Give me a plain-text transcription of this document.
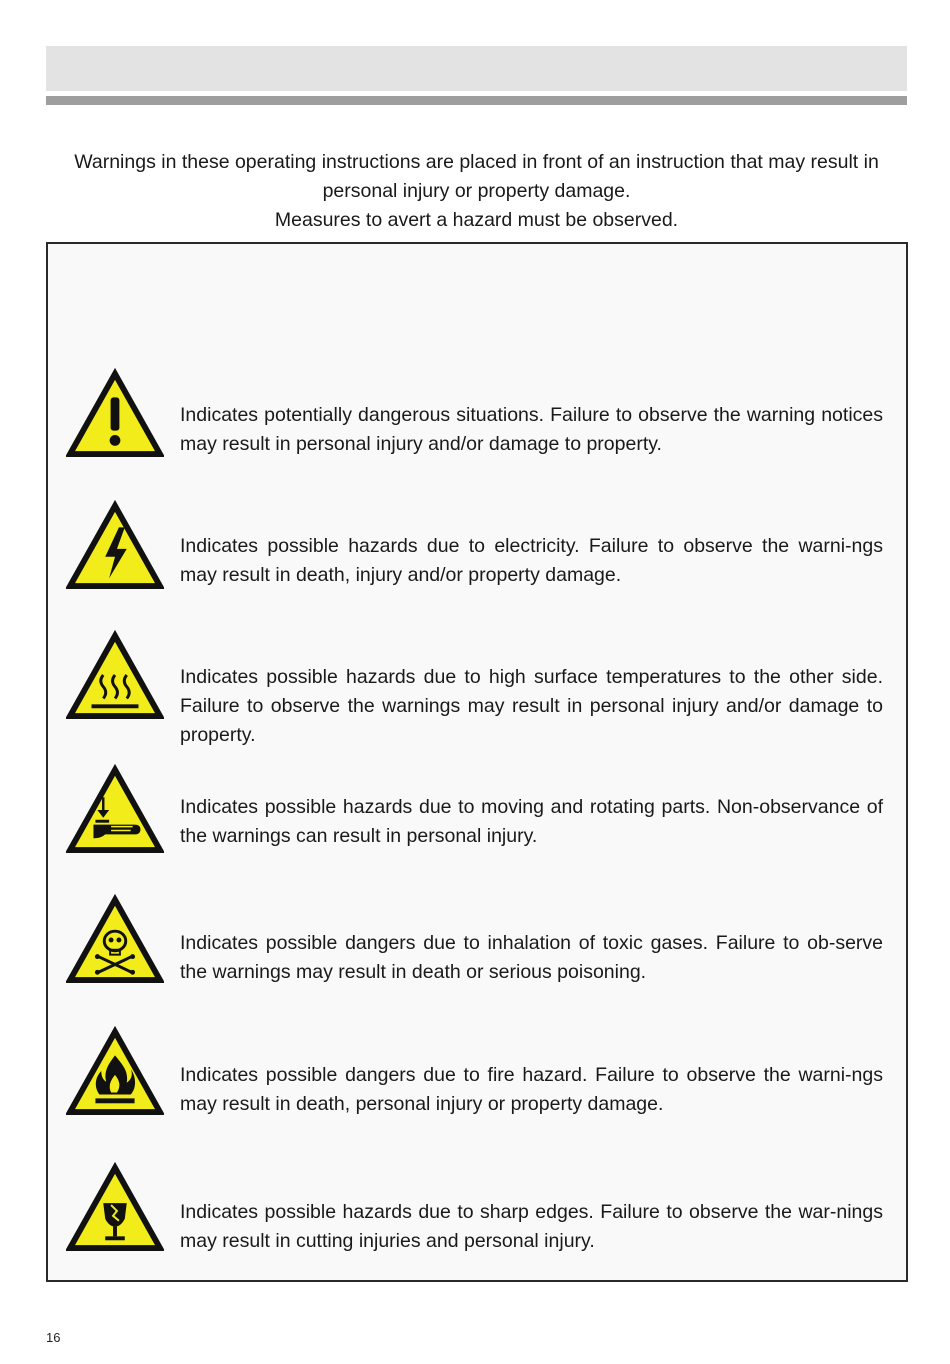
Warnings in these operating instructions are placed in front of an instruction that may result in personal injury or property damage.

Measures to avert a hazard must be observed.

Indicates potentially dangerous situations. Failure to observe the warning notices may result in personal injury and/or damage to property.

Indicates possible hazards due to electricity. Failure to observe the warni-ngs may result in death, injury and/or property damage.

Indicates possible hazards due to high surface temperatures to the other side. Failure to observe the warnings may result in personal injury and/or damage to property.

Indicates possible hazards due to moving and rotating parts. Non-observance of the warnings can result in personal injury.

Indicates possible dangers due to inhalation of toxic gases. Failure to ob-serve the warnings may result in death or serious poisoning.

Indicates possible dangers due to fire hazard. Failure to observe the warni-ngs may result in death, personal injury or property damage.

Indicates possible hazards due to sharp edges. Failure to observe the war-nings may result in cutting injuries and personal injury.

16
